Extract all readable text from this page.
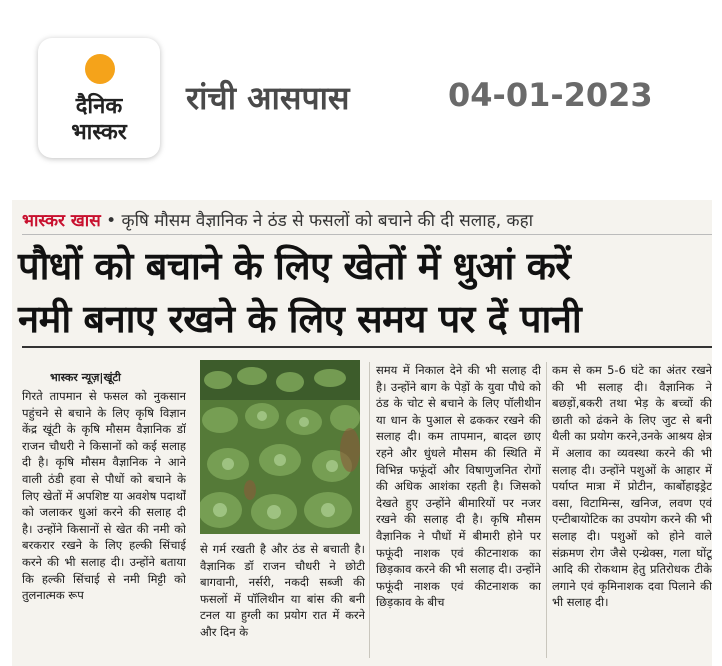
दैनिक
भास्कर
रांची आसपास	04-01-2023
भास्कर खास • कृषि मौसम वैज्ञानिक ने ठंड से फसलों को बचाने की दी सलाह, कहा
पौधों को बचाने के लिए खेतों में धुआं करें
नमी बनाए रखने के लिए समय पर दें पानी
भास्कर न्यूज़|खूंटी
गिरते तापमान से फसल को नुकसान पहुंचने से बचाने के लिए कृषि विज्ञान केंद्र खूंटी के कृषि मौसम वैज्ञानिक डॉ राजन चौधरी ने किसानों को कई सलाह दी है। कृषि मौसम वैज्ञानिक ने आने वाली ठंडी हवा से पौधों को बचाने के लिए खेतों में अपशिष्ट या अवशेष पदार्थों को जलाकर धुआं करने की सलाह दी है। उन्होंने किसानों से खेत की नमी को बरकरार रखने के लिए हल्की सिंचाई करने की भी सलाह दी। उन्होंने बताया कि हल्की सिंचाई से नमी मिट्टी को तुलनात्मक रूप
से गर्म रखती है और ठंड से बचाती है। वैज्ञानिक डॉ राजन चौधरी ने छोटी बागवानी, नर्सरी, नकदी सब्जी की फसलों में पॉलिथीन या बांस की बनी टनल या हुग्ली का प्रयोग रात में करने और दिन के
समय में निकाल देने की भी सलाह दी है। उन्होंने बाग के पेड़ों के युवा पौधे को ठंड के चोट से बचाने के लिए पॉलीथीन या धान के पुआल से ढककर रखने की सलाह दी। कम तापमान, बादल छाए रहने और धुंधले मौसम की स्थिति में विभिन्न फफूंदों और विषाणुजनित रोगों की अधिक आशंका रहती है। जिसको देखते हुए उन्होंने बीमारियों पर नजर रखने की सलाह दी है। कृषि मौसम वैज्ञानिक ने पौधों में बीमारी होने पर फफूंदी नाशक एवं कीटनाशक का छिड़काव करने की भी सलाह दी। उन्होंने फफूंदी नाशक एवं कीटनाशक का छिड़काव के बीच
कम से कम 5-6 घंटे का अंतर रखने की भी सलाह दी। वैज्ञानिक ने बछड़ों,बकरी तथा भेड़ के बच्चों की छाती को ढंकने के लिए जुट से बनी थैली का प्रयोग करने,उनके आश्रय क्षेत्र में अलाव का व्यवस्था करने की भी सलाह दी। उन्होंने पशुओं के आहार में पर्याप्त मात्रा में प्रोटीन, कार्बोहाइड्रेट वसा, विटामिन्स, खनिज, लवण एवं एन्टीबायोटिक का उपयोग करने की भी सलाह दी। पशुओं को होने वाले संक्रमण रोग जैसे एन्थ्रेक्स, गला घोंटू आदि की रोकथाम हेतु प्रतिरोधक टीके लगाने एवं कृमिनाशक दवा पिलाने की भी सलाह दी।
